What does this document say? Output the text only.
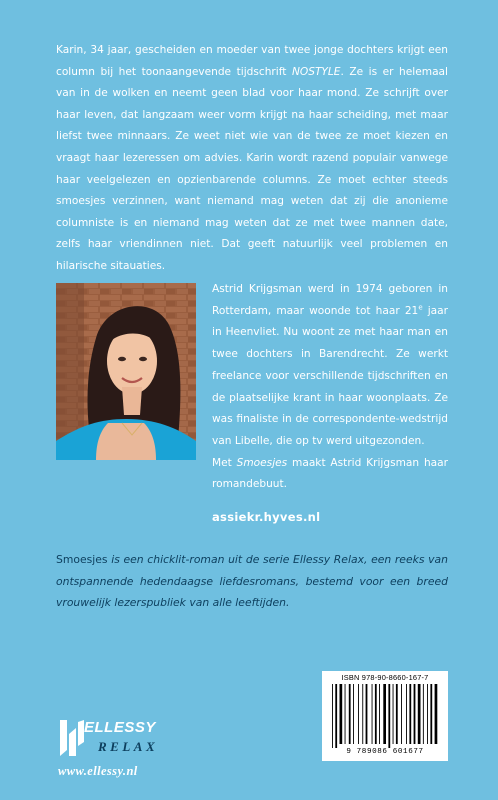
Karin, 34 jaar, gescheiden en moeder van twee jonge dochters krijgt een column bij het toonaangevende tijdschrift NOSTYLE. Ze is er helemaal van in de wolken en neemt geen blad voor haar mond. Ze schrijft over haar leven, dat langzaam weer vorm krijgt na haar scheiding, met maar liefst twee minnaars. Ze weet niet wie van de twee ze moet kiezen en vraagt haar lezeressen om advies. Karin wordt razend populair vanwege haar veelgelezen en opzienbarende columns. Ze moet echter steeds smoesjes verzinnen, want niemand mag weten dat zij die anonieme columniste is en niemand mag weten dat ze met twee mannen date, zelfs haar vriendinnen niet. Dat geeft natuurlijk veel problemen en hilarische sitauaties.

Astrid Krijgsman werd in 1974 geboren in Rotterdam, maar woonde tot haar 21e jaar in Heenvliet. Nu woont ze met haar man en twee dochters in Barendrecht. Ze werkt freelance voor verschillende tijdschriften en de plaatselijke krant in haar woonplaats. Ze was finaliste in de correspondente-wedstrijd van Libelle, die op tv werd uitgezonden.

Met Smoesjes maakt Astrid Krijgsman haar romandebuut.

assiekr.hyves.nl

Smoesjes is een chicklit-roman uit de serie Ellessy Relax, een reeks van ontspannende hedendaagse liefdesromans, bestemd voor een breed vrouwelijk lezerspubliek van alle leeftijden.

ISBN 978-90-8660-167-7
9 789086 601677
ELLESSY
RELAX
www.ellessy.nl
